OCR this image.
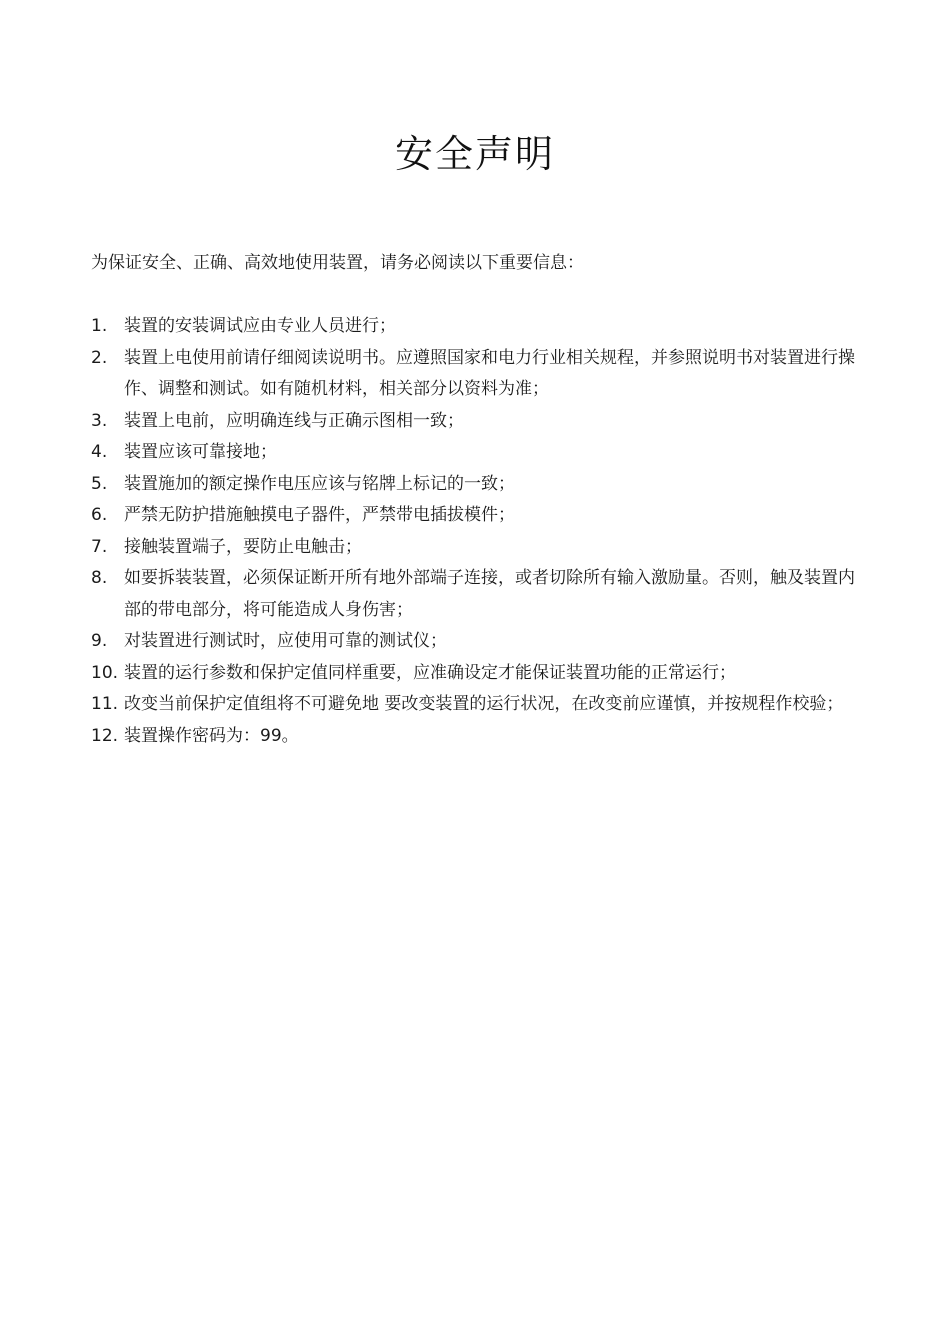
安全声明
为保证安全、正确、高效地使用装置，请务必阅读以下重要信息：
1. 装置的安装调试应由专业人员进行；
2. 装置上电使用前请仔细阅读说明书。应遵照国家和电力行业相关规程，并参照说明书对装置进行操作、调整和测试。如有随机材料，相关部分以资料为准；
3. 装置上电前，应明确连线与正确示图相一致；
4. 装置应该可靠接地；
5. 装置施加的额定操作电压应该与铭牌上标记的一致；
6. 严禁无防护措施触摸电子器件，严禁带电插拔模件；
7. 接触装置端子，要防止电触击；
8. 如要拆装装置，必须保证断开所有地外部端子连接，或者切除所有输入激励量。否则，触及装置内部的带电部分，将可能造成人身伤害；
9. 对装置进行测试时，应使用可靠的测试仪；
10. 装置的运行参数和保护定值同样重要，应准确设定才能保证装置功能的正常运行；
11. 改变当前保护定值组将不可避免地 要改变装置的运行状况，在改变前应谨慎，并按规程作校验；
12. 装置操作密码为：99。
